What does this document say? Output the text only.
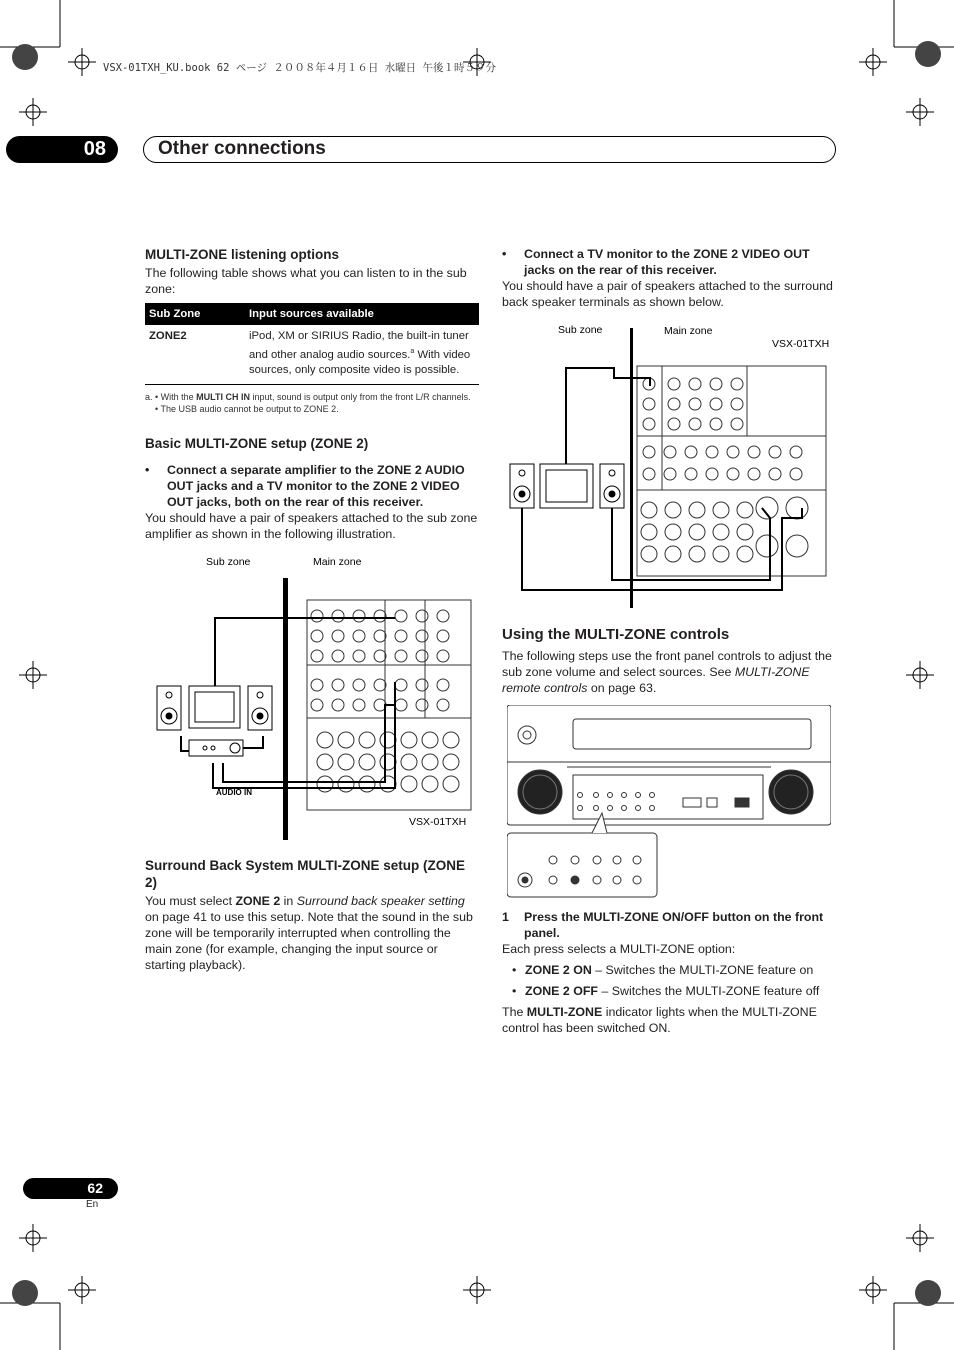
VSX-01TXH_KU.book 62 ページ ２００８年４月１６日 水曜日 午後１時５９分
08	Other connections

MULTI-ZONE listening options

The following table shows what you can listen to in the sub zone:

Sub Zone	Input sources available
ZONE2	iPod, XM or SIRIUS Radio, the built-in tuner and other analog audio sources.$^a$ With video sources, only composite video is possible.
a. • With the MULTI CH IN input, sound is output only from the front L/R channels.
• The USB audio cannot be output to ZONE 2.

Basic MULTI-ZONE setup (ZONE 2)

•	Connect a separate amplifier to the ZONE 2 AUDIO OUT jacks and a TV monitor to the ZONE 2 VIDEO OUT jacks, both on the rear of this receiver.

You should have a pair of speakers attached to the sub zone amplifier as shown in the following illustration.

Sub zone	Main zone
AUDIO IN
VSX-01TXH

Surround Back System MULTI-ZONE setup (ZONE 2)

You must select ZONE 2 in Surround back speaker setting on page 41 to use this setup. Note that the sound in the sub zone will be temporarily interrupted when controlling the main zone (for example, changing the input source or starting playback).

•	Connect a TV monitor to the ZONE 2 VIDEO OUT jacks on the rear of this receiver.

You should have a pair of speakers attached to the surround back speaker terminals as shown below.

Sub zone	Main zone
VSX-01TXH

Using the MULTI-ZONE controls

The following steps use the front panel controls to adjust the sub zone volume and select sources. See MULTI-ZONE remote controls on page 63.

1	Press the MULTI-ZONE ON/OFF button on the front panel.

Each press selects a MULTI-ZONE option:

• ZONE 2 ON – Switches the MULTI-ZONE feature on
• ZONE 2 OFF – Switches the MULTI-ZONE feature off

The MULTI-ZONE indicator lights when the MULTI-ZONE control has been switched ON.

62
En
